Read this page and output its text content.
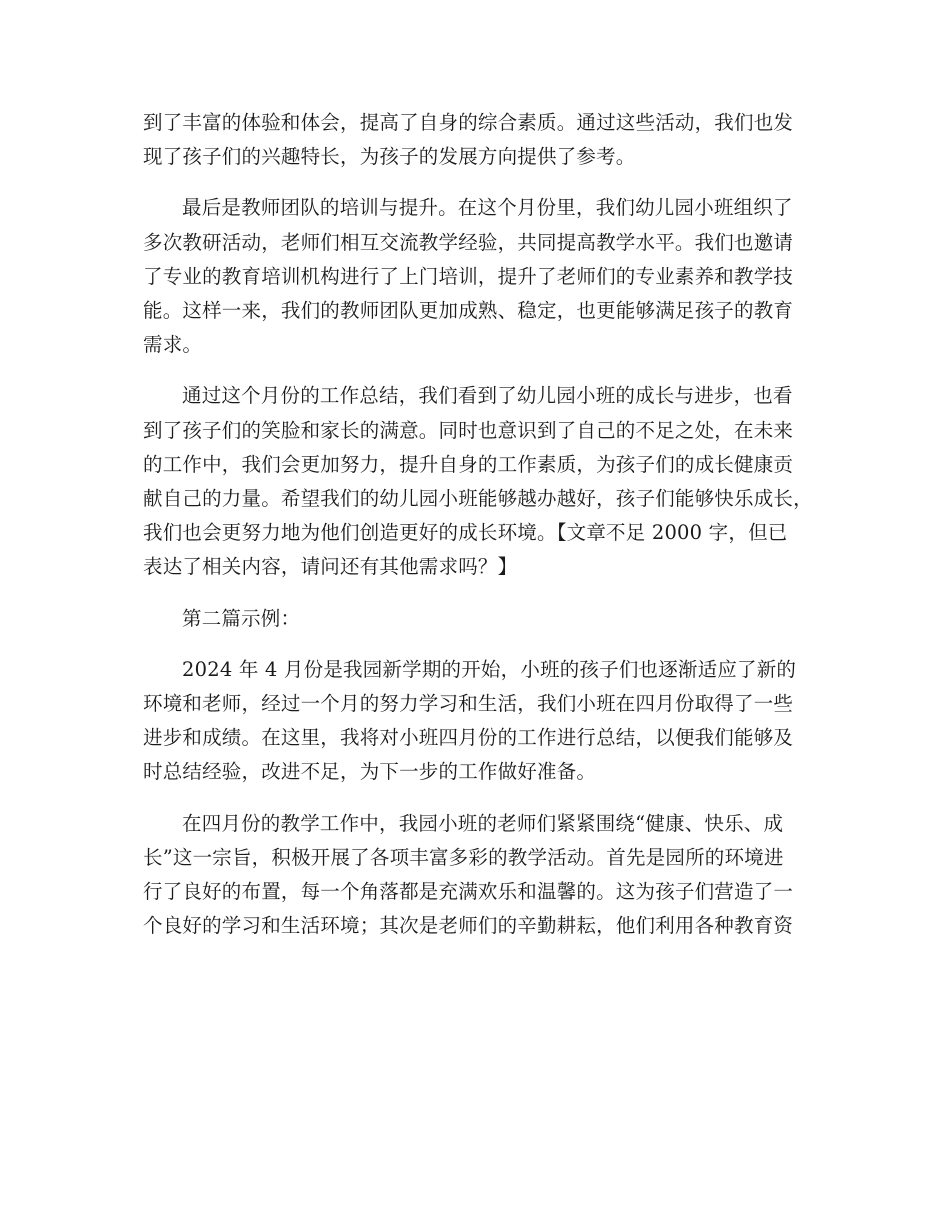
到了丰富的体验和体会，提高了自身的综合素质。通过这些活动，我们也发
现了孩子们的兴趣特长，为孩子的发展方向提供了参考。
最后是教师团队的培训与提升。在这个月份里，我们幼儿园小班组织了
多次教研活动，老师们相互交流教学经验，共同提高教学水平。我们也邀请
了专业的教育培训机构进行了上门培训，提升了老师们的专业素养和教学技
能。这样一来，我们的教师团队更加成熟、稳定，也更能够满足孩子的教育
需求。
通过这个月份的工作总结，我们看到了幼儿园小班的成长与进步，也看
到了孩子们的笑脸和家长的满意。同时也意识到了自己的不足之处，在未来
的工作中，我们会更加努力，提升自身的工作素质，为孩子们的成长健康贡
献自己的力量。希望我们的幼儿园小班能够越办越好，孩子们能够快乐成长，
我们也会更努力地为他们创造更好的成长环境。【文章不足 2000 字，但已
表达了相关内容，请问还有其他需求吗？】
第二篇示例：
2024 年 4 月份是我园新学期的开始，小班的孩子们也逐渐适应了新的
环境和老师，经过一个月的努力学习和生活，我们小班在四月份取得了一些
进步和成绩。在这里，我将对小班四月份的工作进行总结，以便我们能够及
时总结经验，改进不足，为下一步的工作做好准备。
在四月份的教学工作中，我园小班的老师们紧紧围绕“健康、快乐、成
长”这一宗旨，积极开展了各项丰富多彩的教学活动。首先是园所的环境进
行了良好的布置，每一个角落都是充满欢乐和温馨的。这为孩子们营造了一
个良好的学习和生活环境；其次是老师们的辛勤耕耘，他们利用各种教育资
